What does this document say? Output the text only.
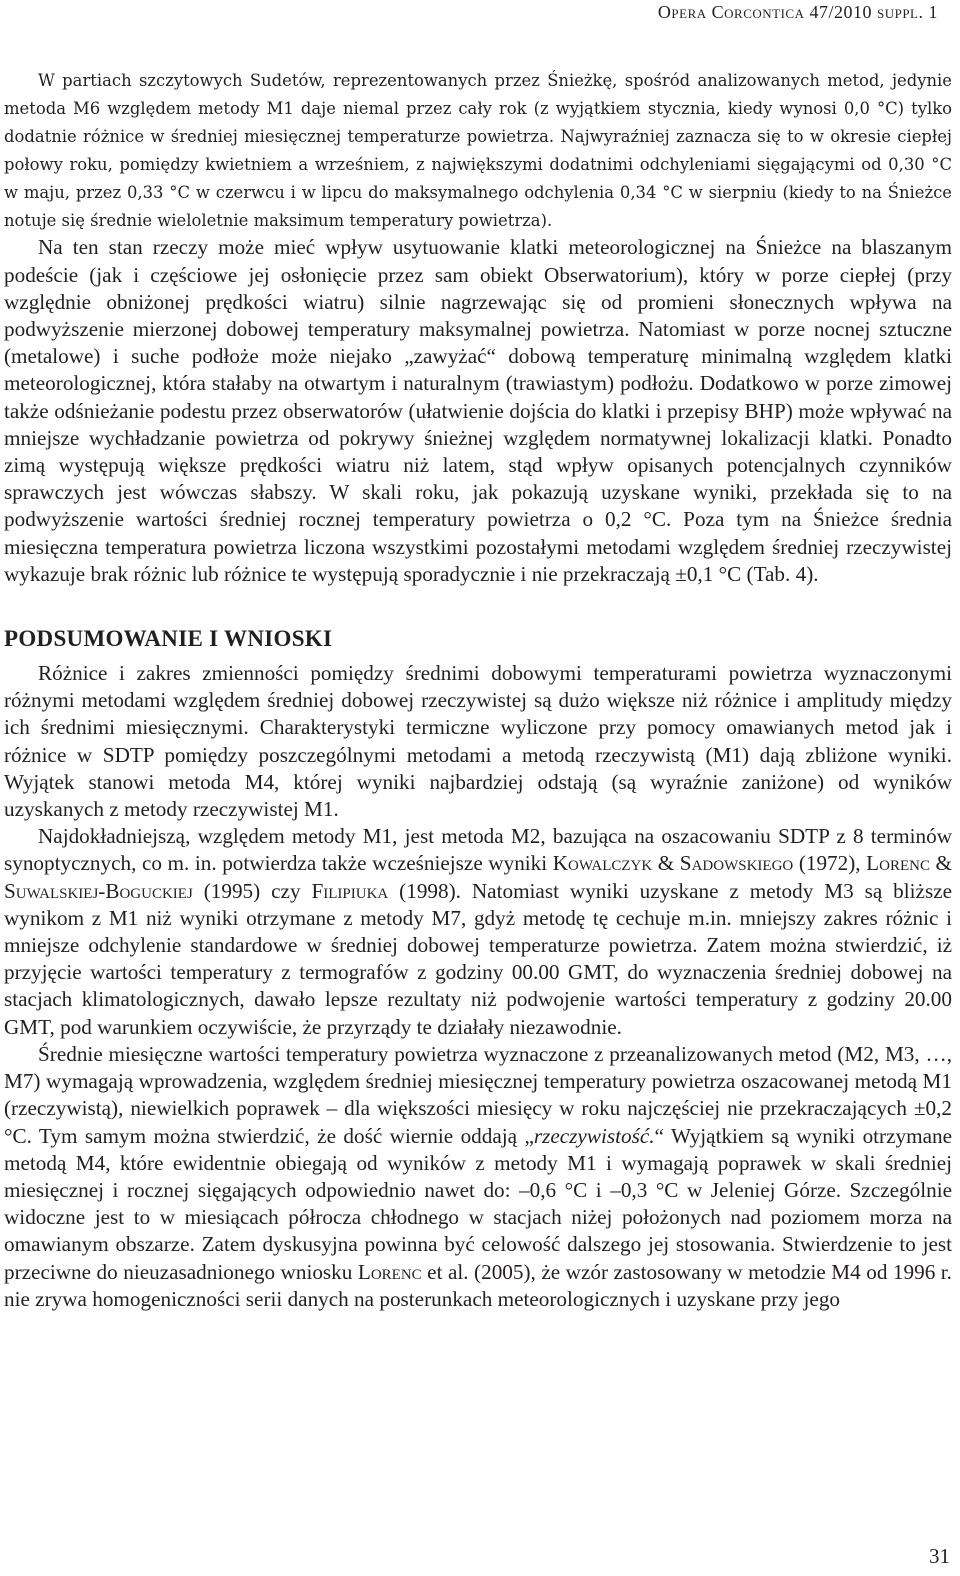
Opera Corcontica 47/2010 suppl. 1

W partiach szczytowych Sudetów, reprezentowanych przez Śnieżkę, spośród analizowanych metod, jedynie metoda M6 względem metody M1 daje niemal przez cały rok (z wyjątkiem stycznia, kiedy wynosi 0,0 °C) tylko dodatnie różnice w średniej miesięcznej temperaturze powietrza. Najwyraźniej zaznacza się to w okresie ciepłej połowy roku, pomiędzy kwietniem a wrześniem, z największymi dodatnimi odchyleniami sięgającymi od 0,30 °C w maju, przez 0,33 °C w czerwcu i w lipcu do maksymalnego odchylenia 0,34 °C w sierpniu (kiedy to na Śnieżce notuje się średnie wieloletnie maksimum temperatury powietrza).

Na ten stan rzeczy może mieć wpływ usytuowanie klatki meteorologicznej na Śnieżce na blaszanym podeście (jak i częściowe jej osłonięcie przez sam obiekt Obserwatorium), który w porze ciepłej (przy względnie obniżonej prędkości wiatru) silnie nagrzewając się od promieni słonecznych wpływa na podwyższenie mierzonej dobowej temperatury maksymalnej powietrza. Natomiast w porze nocnej sztuczne (metalowe) i suche podłoże może niejako „zawyżać“ dobową temperaturę minimalną względem klatki meteorologicznej, która stałaby na otwartym i naturalnym (trawiastym) podłożu. Dodatkowo w porze zimowej także odśnieżanie podestu przez obserwatorów (ułatwienie dojścia do klatki i przepisy BHP) może wpływać na mniejsze wychładzanie powietrza od pokrywy śnieżnej względem normatywnej lokalizacji klatki. Ponadto zimą występują większe prędkości wiatru niż latem, stąd wpływ opisanych potencjalnych czynników sprawczych jest wówczas słabszy. W skali roku, jak pokazują uzyskane wyniki, przekłada się to na podwyższenie wartości średniej rocznej temperatury powietrza o 0,2 °C. Poza tym na Śnieżce średnia miesięczna temperatura powietrza liczona wszystkimi pozostałymi metodami względem średniej rzeczywistej wykazuje brak różnic lub różnice te występują sporadycznie i nie przekraczają ±0,1 °C (Tab. 4).

PODSUMOWANIE I WNIOSKI

Różnice i zakres zmienności pomiędzy średnimi dobowymi temperaturami powietrza wyznaczonymi różnymi metodami względem średniej dobowej rzeczywistej są dużo większe niż różnice i amplitudy między ich średnimi miesięcznymi. Charakterystyki termiczne wyliczone przy pomocy omawianych metod jak i różnice w SDTP pomiędzy poszczególnymi metodami a metodą rzeczywistą (M1) dają zbliżone wyniki. Wyjątek stanowi metoda M4, której wyniki najbardziej odstają (są wyraźnie zaniżone) od wyników uzyskanych z metody rzeczywistej M1.

Najdokładniejszą, względem metody M1, jest metoda M2, bazująca na oszacowaniu SDTP z 8 terminów synoptycznych, co m. in. potwierdza także wcześniejsze wyniki Kowalczyk & Sadowskiego (1972), Lorenc & Suwalskiej-Boguckiej (1995) czy Filipiuka (1998). Natomiast wyniki uzyskane z metody M3 są bliższe wynikom z M1 niż wyniki otrzymane z metody M7, gdyż metodę tę cechuje m.in. mniejszy zakres różnic i mniejsze odchylenie standardowe w średniej dobowej temperaturze powietrza. Zatem można stwierdzić, iż przyjęcie wartości temperatury z termografów z godziny 00.00 GMT, do wyznaczenia średniej dobowej na stacjach klimatologicznych, dawało lepsze rezultaty niż podwojenie wartości temperatury z godziny 20.00 GMT, pod warunkiem oczywiście, że przyrządy te działały niezawodnie.

Średnie miesięczne wartości temperatury powietrza wyznaczone z przeanalizowanych metod (M2, M3, …, M7) wymagają wprowadzenia, względem średniej miesięcznej temperatury powietrza oszacowanej metodą M1 (rzeczywistą), niewielkich poprawek – dla większości miesięcy w roku najczęściej nie przekraczających ±0,2 °C. Tym samym można stwierdzić, że dość wiernie oddają „rzeczywistość.“ Wyjątkiem są wyniki otrzymane metodą M4, które ewidentnie obiegają od wyników z metody M1 i wymagają poprawek w skali średniej miesięcznej i rocznej sięgających odpowiednio nawet do: –0,6 °C i –0,3 °C w Jeleniej Górze. Szczególnie widoczne jest to w miesiącach półrocza chłodnego w stacjach niżej położonych nad poziomem morza na omawianym obszarze. Zatem dyskusyjna powinna być celowość dalszego jej stosowania. Stwierdzenie to jest przeciwne do nieuzasadnionego wniosku Lorenc et al. (2005), że wzór zastosowany w metodzie M4 od 1996 r. nie zrywa homogeniczności serii danych na posterunkach meteorologicznych i uzyskane przy jego

31
